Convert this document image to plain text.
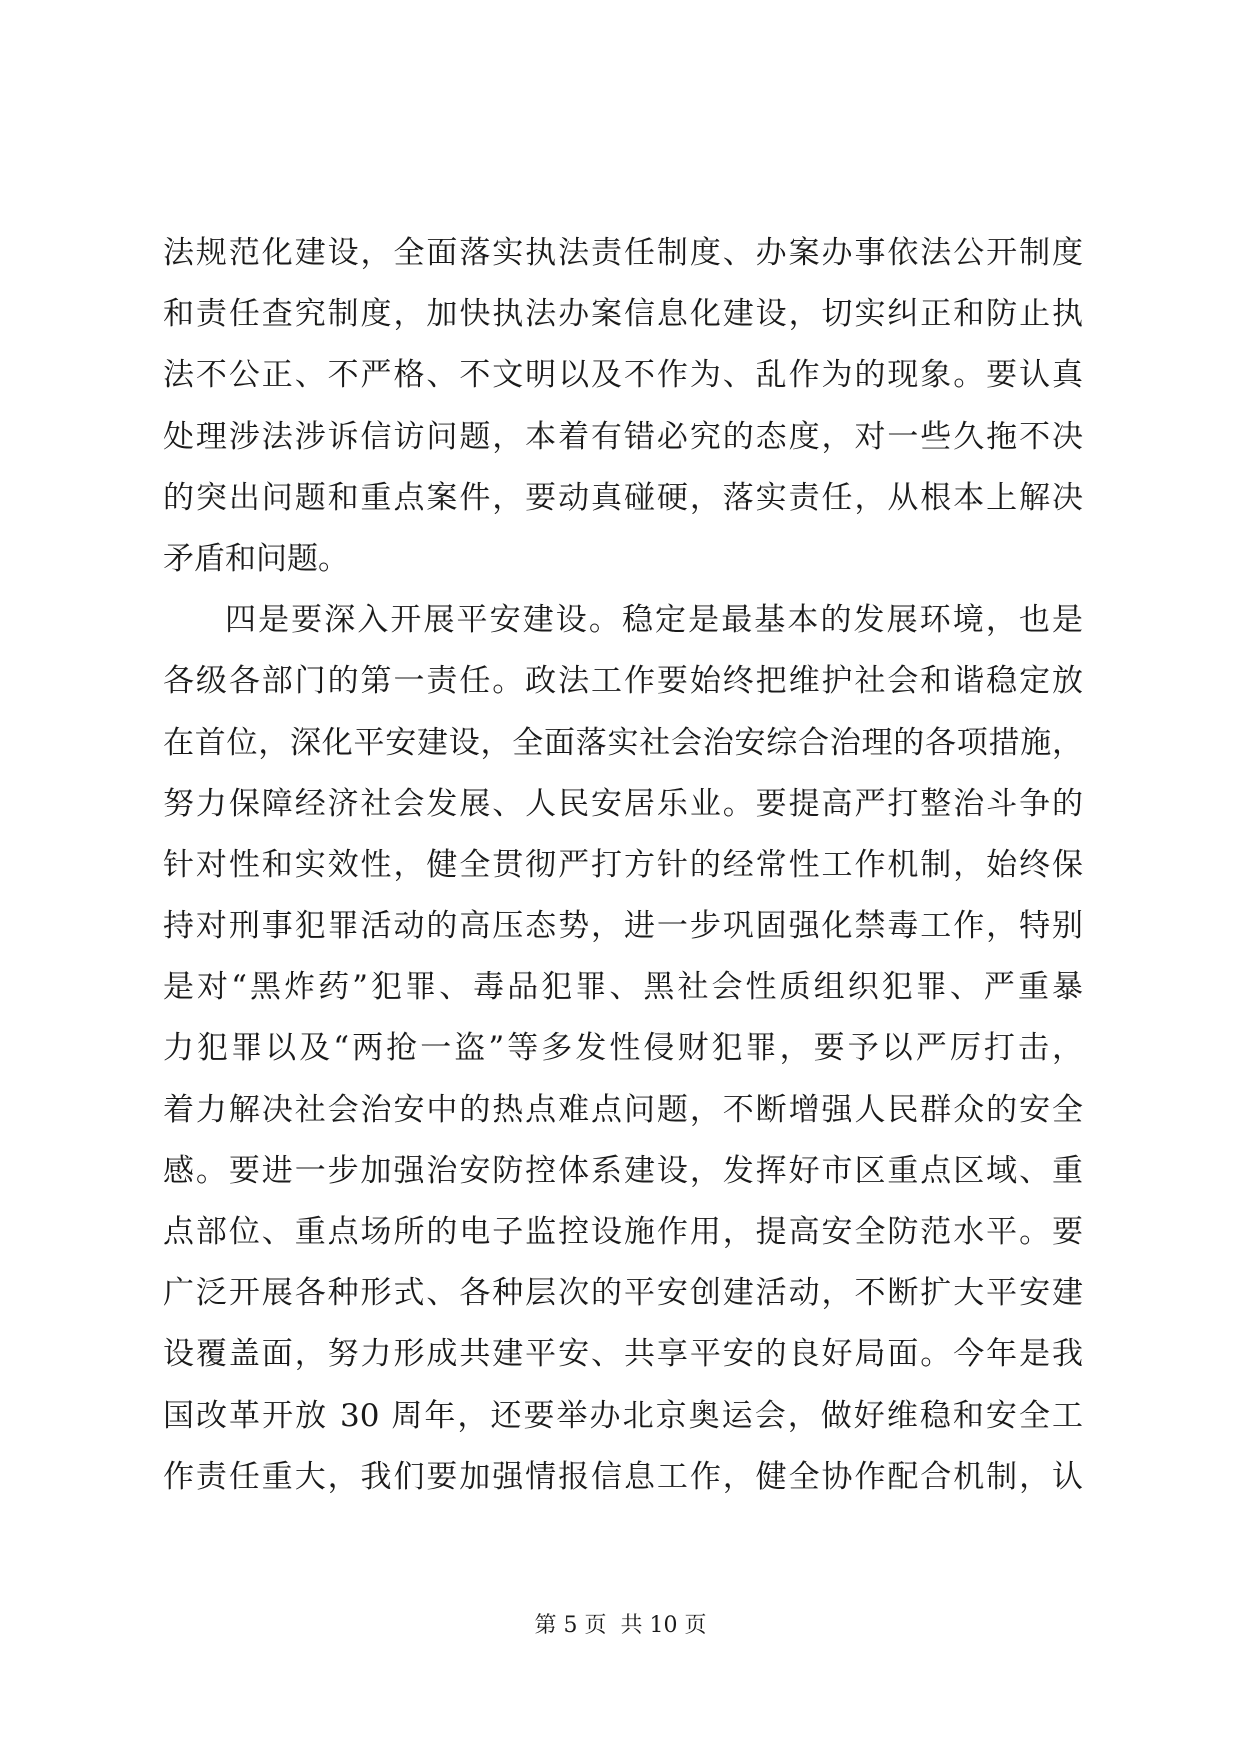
法规范化建设，全面落实执法责任制度、办案办事依法公开制度
和责任查究制度，加快执法办案信息化建设，切实纠正和防止执
法不公正、不严格、不文明以及不作为、乱作为的现象。要认真
处理涉法涉诉信访问题，本着有错必究的态度，对一些久拖不决
的突出问题和重点案件，要动真碰硬，落实责任，从根本上解决
矛盾和问题。
四是要深入开展平安建设。稳定是最基本的发展环境，也是
各级各部门的第一责任。政法工作要始终把维护社会和谐稳定放
在首位，深化平安建设，全面落实社会治安综合治理的各项措施，
努力保障经济社会发展、人民安居乐业。要提高严打整治斗争的
针对性和实效性，健全贯彻严打方针的经常性工作机制，始终保
持对刑事犯罪活动的高压态势，进一步巩固强化禁毒工作，特别
是对“黑炸药”犯罪、毒品犯罪、黑社会性质组织犯罪、严重暴
力犯罪以及“两抢一盗”等多发性侵财犯罪，要予以严厉打击，
着力解决社会治安中的热点难点问题，不断增强人民群众的安全
感。要进一步加强治安防控体系建设，发挥好市区重点区域、重
点部位、重点场所的电子监控设施作用，提高安全防范水平。要
广泛开展各种形式、各种层次的平安创建活动，不断扩大平安建
设覆盖面，努力形成共建平安、共享平安的良好局面。今年是我
国改革开放 30 周年，还要举办北京奥运会，做好维稳和安全工
作责任重大，我们要加强情报信息工作，健全协作配合机制，认
第 5 页 共 10 页
